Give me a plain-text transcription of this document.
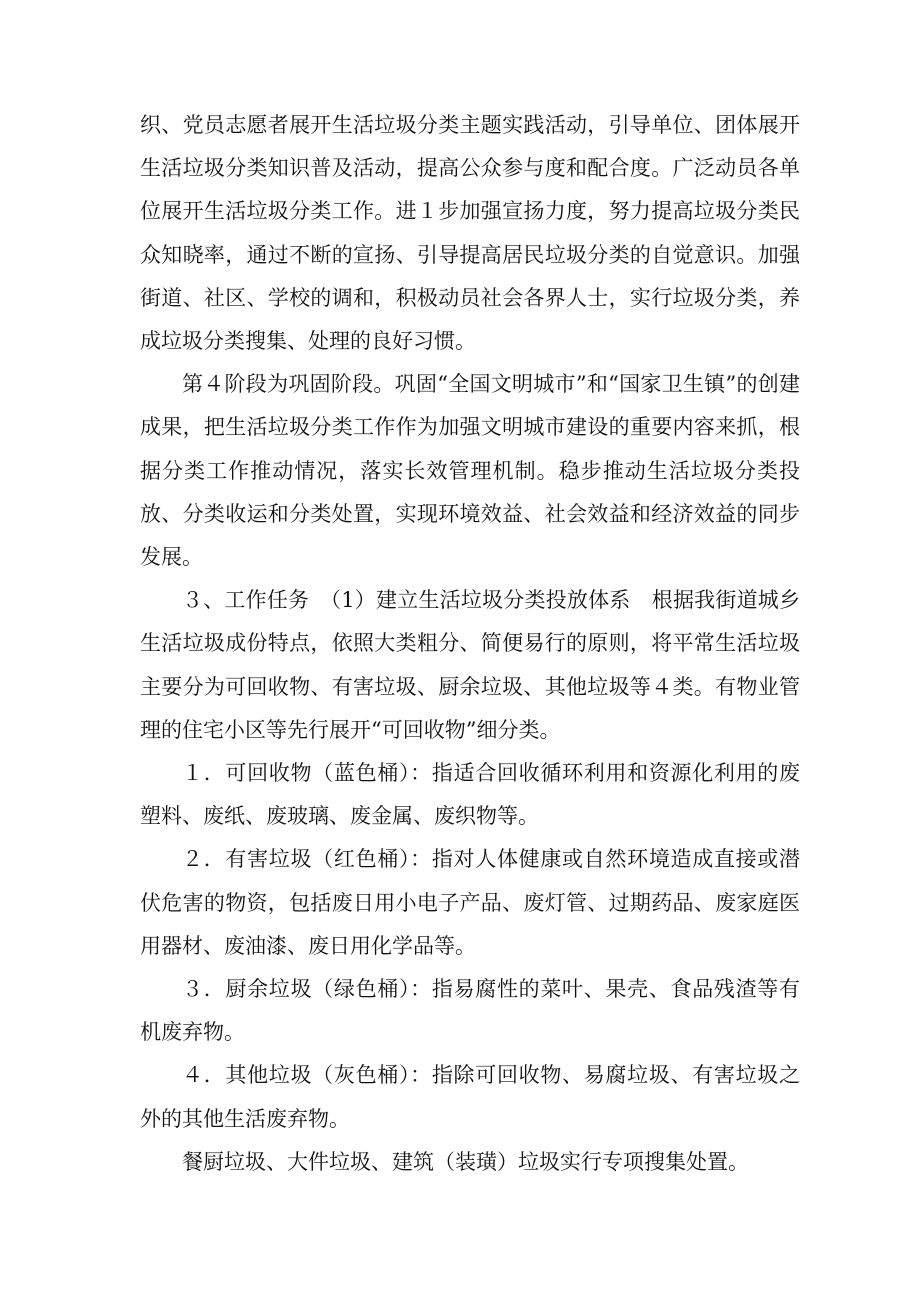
织、党员志愿者展开生活垃圾分类主题实践活动，引导单位、团体展开生活垃圾分类知识普及活动，提高公众参与度和配合度。广泛动员各单位展开生活垃圾分类工作。进１步加强宣扬力度，努力提高垃圾分类民众知晓率，通过不断的宣扬、引导提高居民垃圾分类的自觉意识。加强街道、社区、学校的调和，积极动员社会各界人士，实行垃圾分类，养成垃圾分类搜集、处理的良好习惯。

第４阶段为巩固阶段。巩固“全国文明城市”和“国家卫生镇”的创建成果，把生活垃圾分类工作作为加强文明城市建设的重要内容来抓，根据分类工作推动情况，落实长效管理机制。稳步推动生活垃圾分类投放、分类收运和分类处置，实现环境效益、社会效益和经济效益的同步发展。

３、工作任务　（1）建立生活垃圾分类投放体系　根据我街道城乡生活垃圾成份特点，依照大类粗分、简便易行的原则，将平常生活垃圾主要分为可回收物、有害垃圾、厨余垃圾、其他垃圾等４类。有物业管理的住宅小区等先行展开“可回收物”细分类。

１．可回收物（蓝色桶）：指适合回收循环利用和资源化利用的废塑料、废纸、废玻璃、废金属、废织物等。

２．有害垃圾（红色桶）：指对人体健康或自然环境造成直接或潜伏危害的物资，包括废日用小电子产品、废灯管、过期药品、废家庭医用器材、废油漆、废日用化学品等。

３．厨余垃圾（绿色桶）：指易腐性的菜叶、果壳、食品残渣等有机废弃物。

４．其他垃圾（灰色桶）：指除可回收物、易腐垃圾、有害垃圾之外的其他生活废弃物。

餐厨垃圾、大件垃圾、建筑（装璜）垃圾实行专项搜集处置。
